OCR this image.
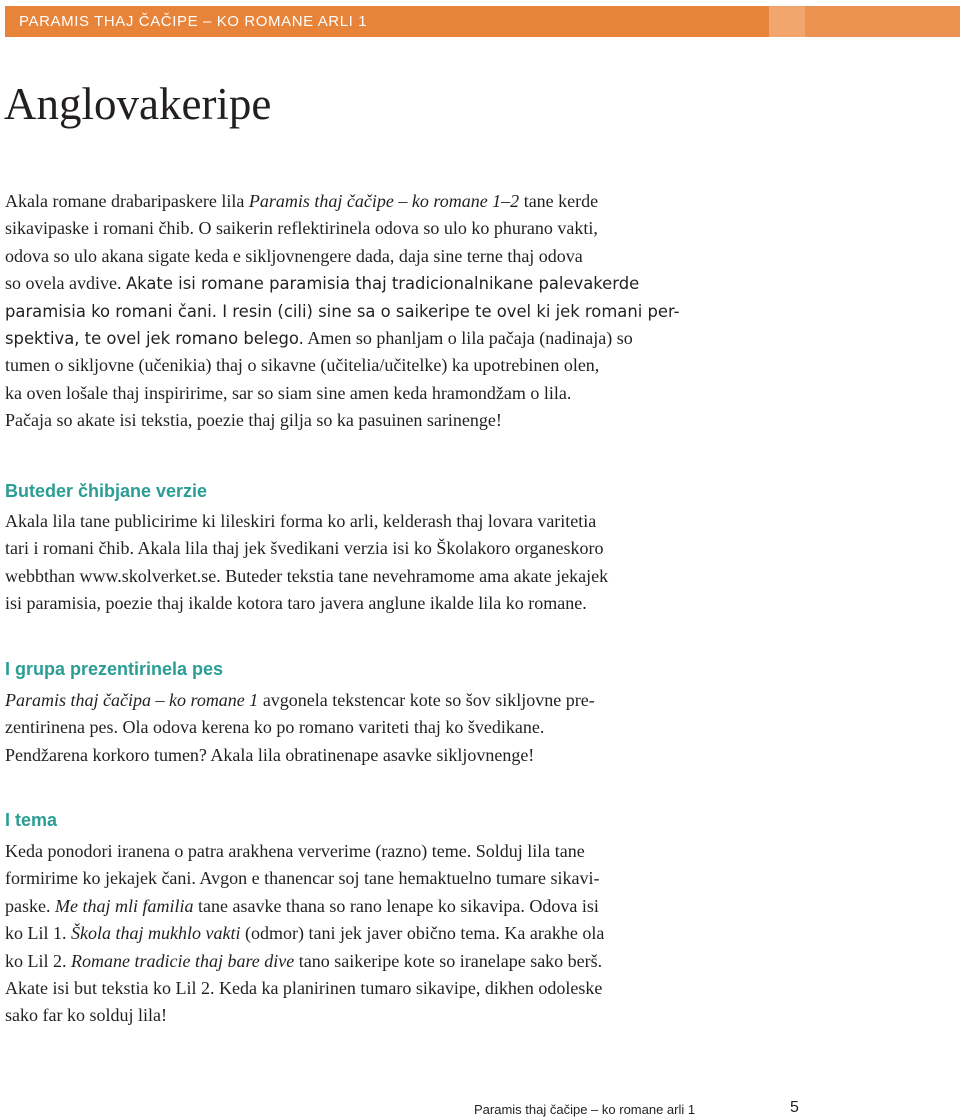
PARAMIS THAJ ČAČIPE – KO ROMANE ARLI 1
Anglovakeripe

Akala romane drabaripaskere lila Paramis thaj čačipe – ko romane 1–2 tane kerde
sikavipaske i romani čhib. O saikerin reflektirinela odova so ulo ko phurano vakti,
odova so ulo akana sigate keda e sikljovnengere dada, daja sine terne thaj odova
so ovela avdive. Akate isi romane paramisia thaj tradicionalnikane palevakerde
paramisia ko romani čani. I resin (cili) sine sa o saikeripe te ovel ki jek romani per-
spektiva, te ovel jek romano belego. Amen so phanljam o lila pačaja (nadinaja) so
tumen o sikljovne (učenikia) thaj o sikavne (učitelia/učitelke) ka upotrebinen olen,
ka oven lošale thaj inspiririme, sar so siam sine amen keda hramondžam o lila.
Pačaja so akate isi tekstia, poezie thaj gilja so ka pasuinen sarinenge!

Buteder čhibjane verzie

Akala lila tane publicirime ki lileskiri forma ko arli, kelderash thaj lovara varitetia
tari i romani čhib. Akala lila thaj jek švedikani verzia isi ko Školakoro organeskoro
webbthan www.skolverket.se. Buteder tekstia tane nevehramome ama akate jekajek
isi paramisia, poezie thaj ikalde kotora taro javera anglune ikalde lila ko romane.

I grupa prezentirinela pes

Paramis thaj čačipa – ko romane 1 avgonela tekstencar kote so šov sikljovne pre-
zentirinena pes. Ola odova kerena ko po romano variteti thaj ko švedikane.
Pendžarena korkoro tumen? Akala lila obratinenape asavke sikljovnenge!

I tema

Keda ponodori iranena o patra arakhena ververime (razno) teme. Solduj lila tane
formirime ko jekajek čani. Avgon e thanencar soj tane hemaktuelno tumare sikavi-
paske. Me thaj mli familia tane asavke thana so rano lenape ko sikavipa. Odova isi
ko Lil 1. Škola thaj mukhlo vakti (odmor) tani jek javer obično tema. Ka arakhe ola
ko Lil 2. Romane tradicie thaj bare dive tano saikeripe kote so iranelape sako berš.
Akate isi but tekstia ko Lil 2. Keda ka planirinen tumaro sikavipe, dikhen odoleske
sako far ko solduj lila!

Paramis thaj čačipe – ko romane arli 1	5
